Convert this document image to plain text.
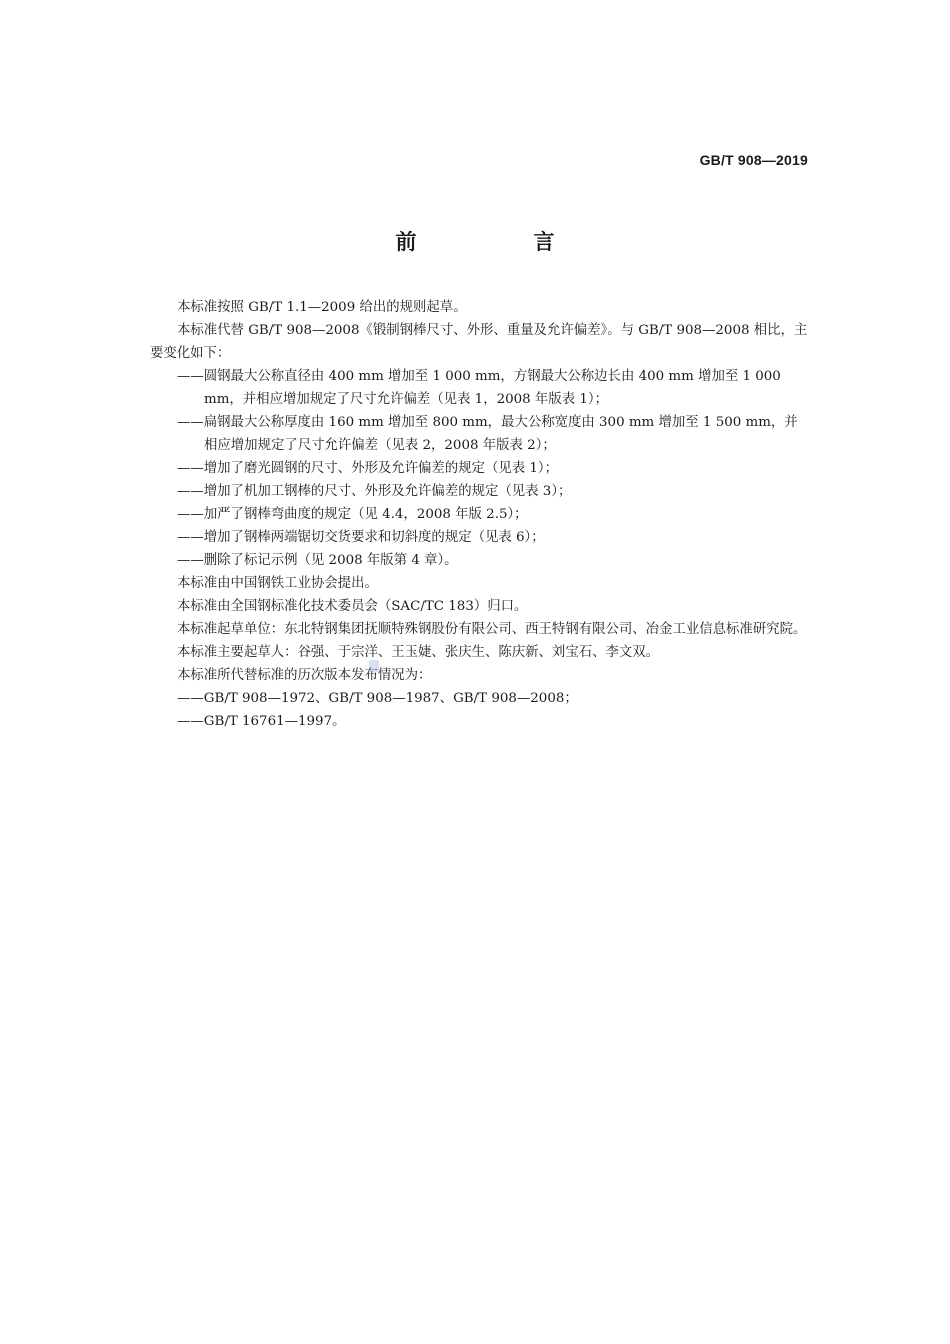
GB/T 908—2019
前　言

本标准按照 GB/T 1.1—2009 给出的规则起草。

本标准代替 GB/T 908—2008《锻制钢棒尺寸、外形、重量及允许偏差》。与 GB/T 908—2008 相比，主要变化如下：

——圆钢最大公称直径由 400 mm 增加至 1 000 mm，方钢最大公称边长由 400 mm 增加至 1 000 mm，并相应增加规定了尺寸允许偏差（见表 1，2008 年版表 1）；

——扁钢最大公称厚度由 160 mm 增加至 800 mm，最大公称宽度由 300 mm 增加至 1 500 mm，并相应增加规定了尺寸允许偏差（见表 2，2008 年版表 2）；

——增加了磨光圆钢的尺寸、外形及允许偏差的规定（见表 1）；

——增加了机加工钢棒的尺寸、外形及允许偏差的规定（见表 3）；

——加严了钢棒弯曲度的规定（见 4.4，2008 年版 2.5）；

——增加了钢棒两端锯切交货要求和切斜度的规定（见表 6）；

——删除了标记示例（见 2008 年版第 4 章）。

本标准由中国钢铁工业协会提出。

本标准由全国钢标准化技术委员会（SAC/TC 183）归口。

本标准起草单位：东北特钢集团抚顺特殊钢股份有限公司、西王特钢有限公司、冶金工业信息标准研究院。

本标准主要起草人：谷强、于宗洋、王玉婕、张庆生、陈庆新、刘宝石、李文双。

本标准所代替标准的历次版本发布情况为：

——GB/T 908—1972、GB/T 908—1987、GB/T 908—2008；

——GB/T 16761—1997。
